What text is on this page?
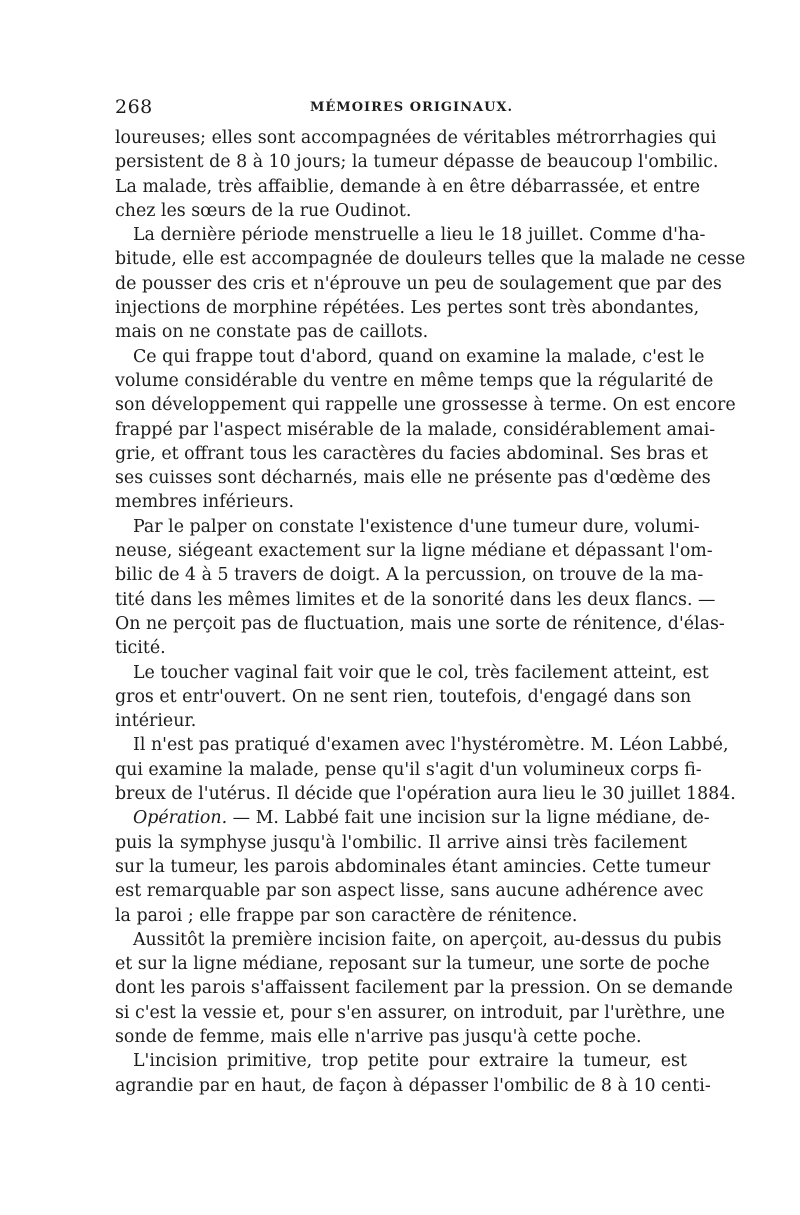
268	MÉMOIRES ORIGINAUX.
loureuses; elles sont accompagnées de véritables métrorrhagies qui
persistent de 8 à 10 jours; la tumeur dépasse de beaucoup l'ombilic.
La malade, très affaiblie, demande à en être débarrassée, et entre
chez les sœurs de la rue Oudinot.
La dernière période menstruelle a lieu le 18 juillet. Comme d'ha-
bitude, elle est accompagnée de douleurs telles que la malade ne cesse
de pousser des cris et n'éprouve un peu de soulagement que par des
injections de morphine répétées. Les pertes sont très abondantes,
mais on ne constate pas de caillots.
Ce qui frappe tout d'abord, quand on examine la malade, c'est le
volume considérable du ventre en même temps que la régularité de
son développement qui rappelle une grossesse à terme. On est encore
frappé par l'aspect misérable de la malade, considérablement amai-
grie, et offrant tous les caractères du facies abdominal. Ses bras et
ses cuisses sont décharnés, mais elle ne présente pas d'œdème des
membres inférieurs.
Par le palper on constate l'existence d'une tumeur dure, volumi-
neuse, siégeant exactement sur la ligne médiane et dépassant l'om-
bilic de 4 à 5 travers de doigt. A la percussion, on trouve de la ma-
tité dans les mêmes limites et de la sonorité dans les deux flancs. —
On ne perçoit pas de fluctuation, mais une sorte de rénitence, d'élas-
ticité.
Le toucher vaginal fait voir que le col, très facilement atteint, est
gros et entr'ouvert. On ne sent rien, toutefois, d'engagé dans son
intérieur.
Il n'est pas pratiqué d'examen avec l'hystéromètre. M. Léon Labbé,
qui examine la malade, pense qu'il s'agit d'un volumineux corps fi-
breux de l'utérus. Il décide que l'opération aura lieu le 30 juillet 1884.
Opération. — M. Labbé fait une incision sur la ligne médiane, de-
puis la symphyse jusqu'à l'ombilic. Il arrive ainsi très facilement
sur la tumeur, les parois abdominales étant amincies. Cette tumeur
est remarquable par son aspect lisse, sans aucune adhérence avec
la paroi ; elle frappe par son caractère de rénitence.
Aussitôt la première incision faite, on aperçoit, au-dessus du pubis
et sur la ligne médiane, reposant sur la tumeur, une sorte de poche
dont les parois s'affaissent facilement par la pression. On se demande
si c'est la vessie et, pour s'en assurer, on introduit, par l'urèthre, une
sonde de femme, mais elle n'arrive pas jusqu'à cette poche.
L'incision primitive, trop petite pour extraire la tumeur, est
agrandie par en haut, de façon à dépasser l'ombilic de 8 à 10 centi-
